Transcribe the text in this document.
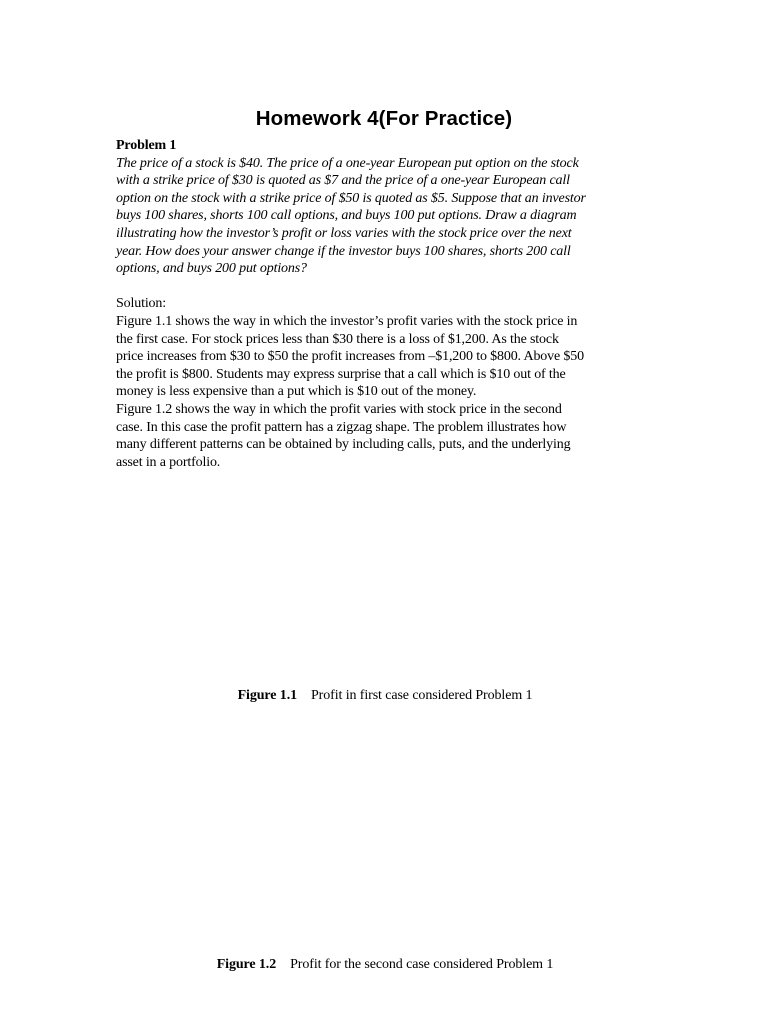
Homework 4(For Practice)

Problem 1

The price of a stock is $40. The price of a one-year European put option on the stock

with a strike price of $30 is quoted as $7 and the price of a one-year European call

option on the stock with a strike price of $50 is quoted as $5. Suppose that an investor

buys 100 shares, shorts 100 call options, and buys 100 put options. Draw a diagram

illustrating how the investor’s profit or loss varies with the stock price over the next

year. How does your answer change if the investor buys 100 shares, shorts 200 call

options, and buys 200 put options?

Solution:

Figure 1.1 shows the way in which the investor’s profit varies with the stock price in

the first case. For stock prices less than $30 there is a loss of $1,200. As the stock

price increases from $30 to $50 the profit increases from –$1,200 to $800. Above $50

the profit is $800. Students may express surprise that a call which is $10 out of the

money is less expensive than a put which is $10 out of the money.

Figure 1.2 shows the way in which the profit varies with stock price in the second

case. In this case the profit pattern has a zigzag shape. The problem illustrates how

many different patterns can be obtained by including calls, puts, and the underlying

asset in a portfolio.

Figure 1.1 Profit in first case considered Problem 1
Figure 1.2 Profit for the second case considered Problem 1
